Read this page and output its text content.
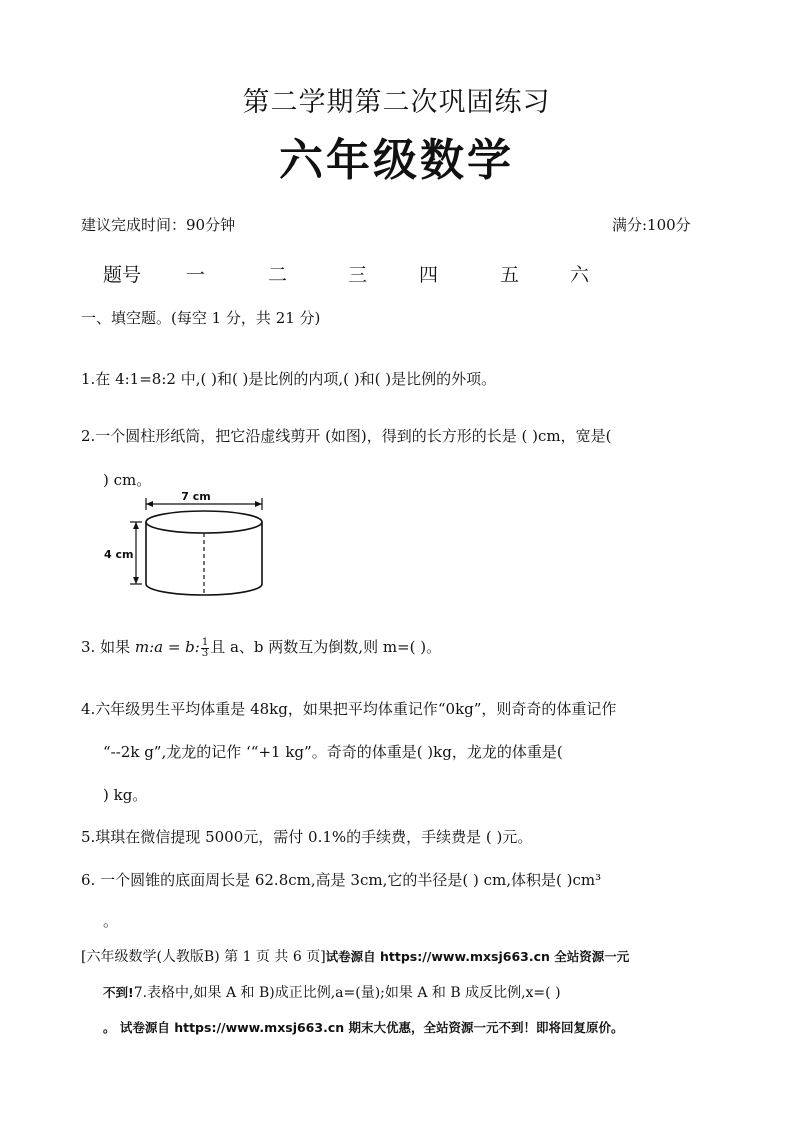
第二学期第二次巩固练习
六年级数学
建议完成时间：90分钟	满分:100分
题号 一	二	三	四	五	六
一、填空题。(每空 1 分，共 21 分)
1.在 4:1=8:2 中,( )和( )是比例的内项,( )和( )是比例的外项。
2.一个圆柱形纸筒，把它沿虚线剪开 (如图)，得到的长方形的长是 ( )cm，宽是(
) cm。
7 cm
4 cm
3. 如果 m:a = b: $\frac{1}{3}$ 且 a、b 两数互为倒数,则 m=( )。
4.六年级男生平均体重是 48kg，如果把平均体重记作“0kg”，则奇奇的体重记作
“--2k g”,龙龙的记作 ‘“+1 kg”。奇奇的体重是( )kg，龙龙的体重是(
) kg。
5.琪琪在微信提现 5000元，需付 0.1%的手续费，手续费是 ( )元。
6. 一个圆锥的底面周长是 62.8cm,高是 3cm,它的半径是( ) cm,体积是( )cm³
。
[六年级数学(人教版B) 第 1 页 共 6 页]试卷源自 https://www.mxsj663.cn 全站资源一元
不到!7.表格中,如果 A 和 B)成正比例,a=(量);如果 A 和 B 成反比例,x=( )
。 试卷源自 https://www.mxsj663.cn 期末大优惠，全站资源一元不到！即将回复原价。
